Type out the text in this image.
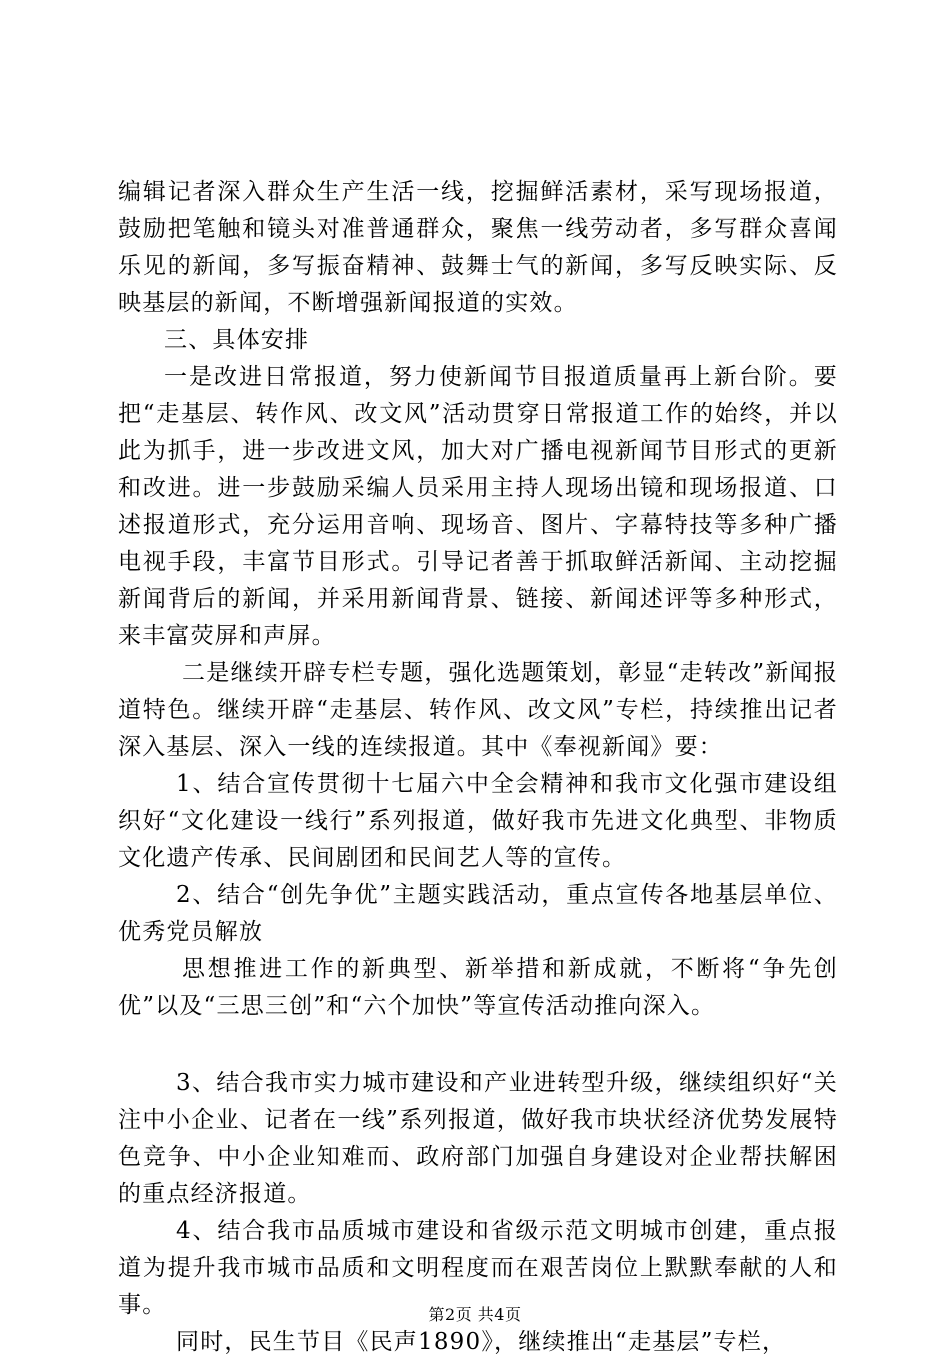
编辑记者深入群众生产生活一线，挖掘鲜活素材，采写现场报道，鼓励把笔触和镜头对准普通群众，聚焦一线劳动者，多写群众喜闻乐见的新闻，多写振奋精神、鼓舞士气的新闻，多写反映实际、反映基层的新闻，不断增强新闻报道的实效。

三、具体安排

一是改进日常报道，努力使新闻节目报道质量再上新台阶。要把“走基层、转作风、改文风”活动贯穿日常报道工作的始终，并以此为抓手，进一步改进文风，加大对广播电视新闻节目形式的更新和改进。进一步鼓励采编人员采用主持人现场出镜和现场报道、口述报道形式，充分运用音响、现场音、图片、字幕特技等多种广播电视手段，丰富节目形式。引导记者善于抓取鲜活新闻、主动挖掘新闻背后的新闻，并采用新闻背景、链接、新闻述评等多种形式，来丰富荧屏和声屏。

二是继续开辟专栏专题，强化选题策划，彰显“走转改”新闻报道特色。继续开辟“走基层、转作风、改文风”专栏，持续推出记者深入基层、深入一线的连续报道。其中《奉视新闻》要：

1、结合宣传贯彻十七届六中全会精神和我市文化强市建设组织好“文化建设一线行”系列报道，做好我市先进文化典型、非物质文化遗产传承、民间剧团和民间艺人等的宣传。

2、结合“创先争优”主题实践活动，重点宣传各地基层单位、优秀党员解放

思想推进工作的新典型、新举措和新成就，不断将“争先创优”以及“三思三创”和“六个加快”等宣传活动推向深入。

3、结合我市实力城市建设和产业进转型升级，继续组织好“关注中小企业、记者在一线”系列报道，做好我市块状经济优势发展特色竞争、中小企业知难而、政府部门加强自身建设对企业帮扶解困的重点经济报道。

4、结合我市品质城市建设和省级示范文明城市创建，重点报道为提升我市城市品质和文明程度而在艰苦岗位上默默奉献的人和事。

同时，民生节目《民声1890》，继续推出“走基层”专栏，

第2页 共4页
